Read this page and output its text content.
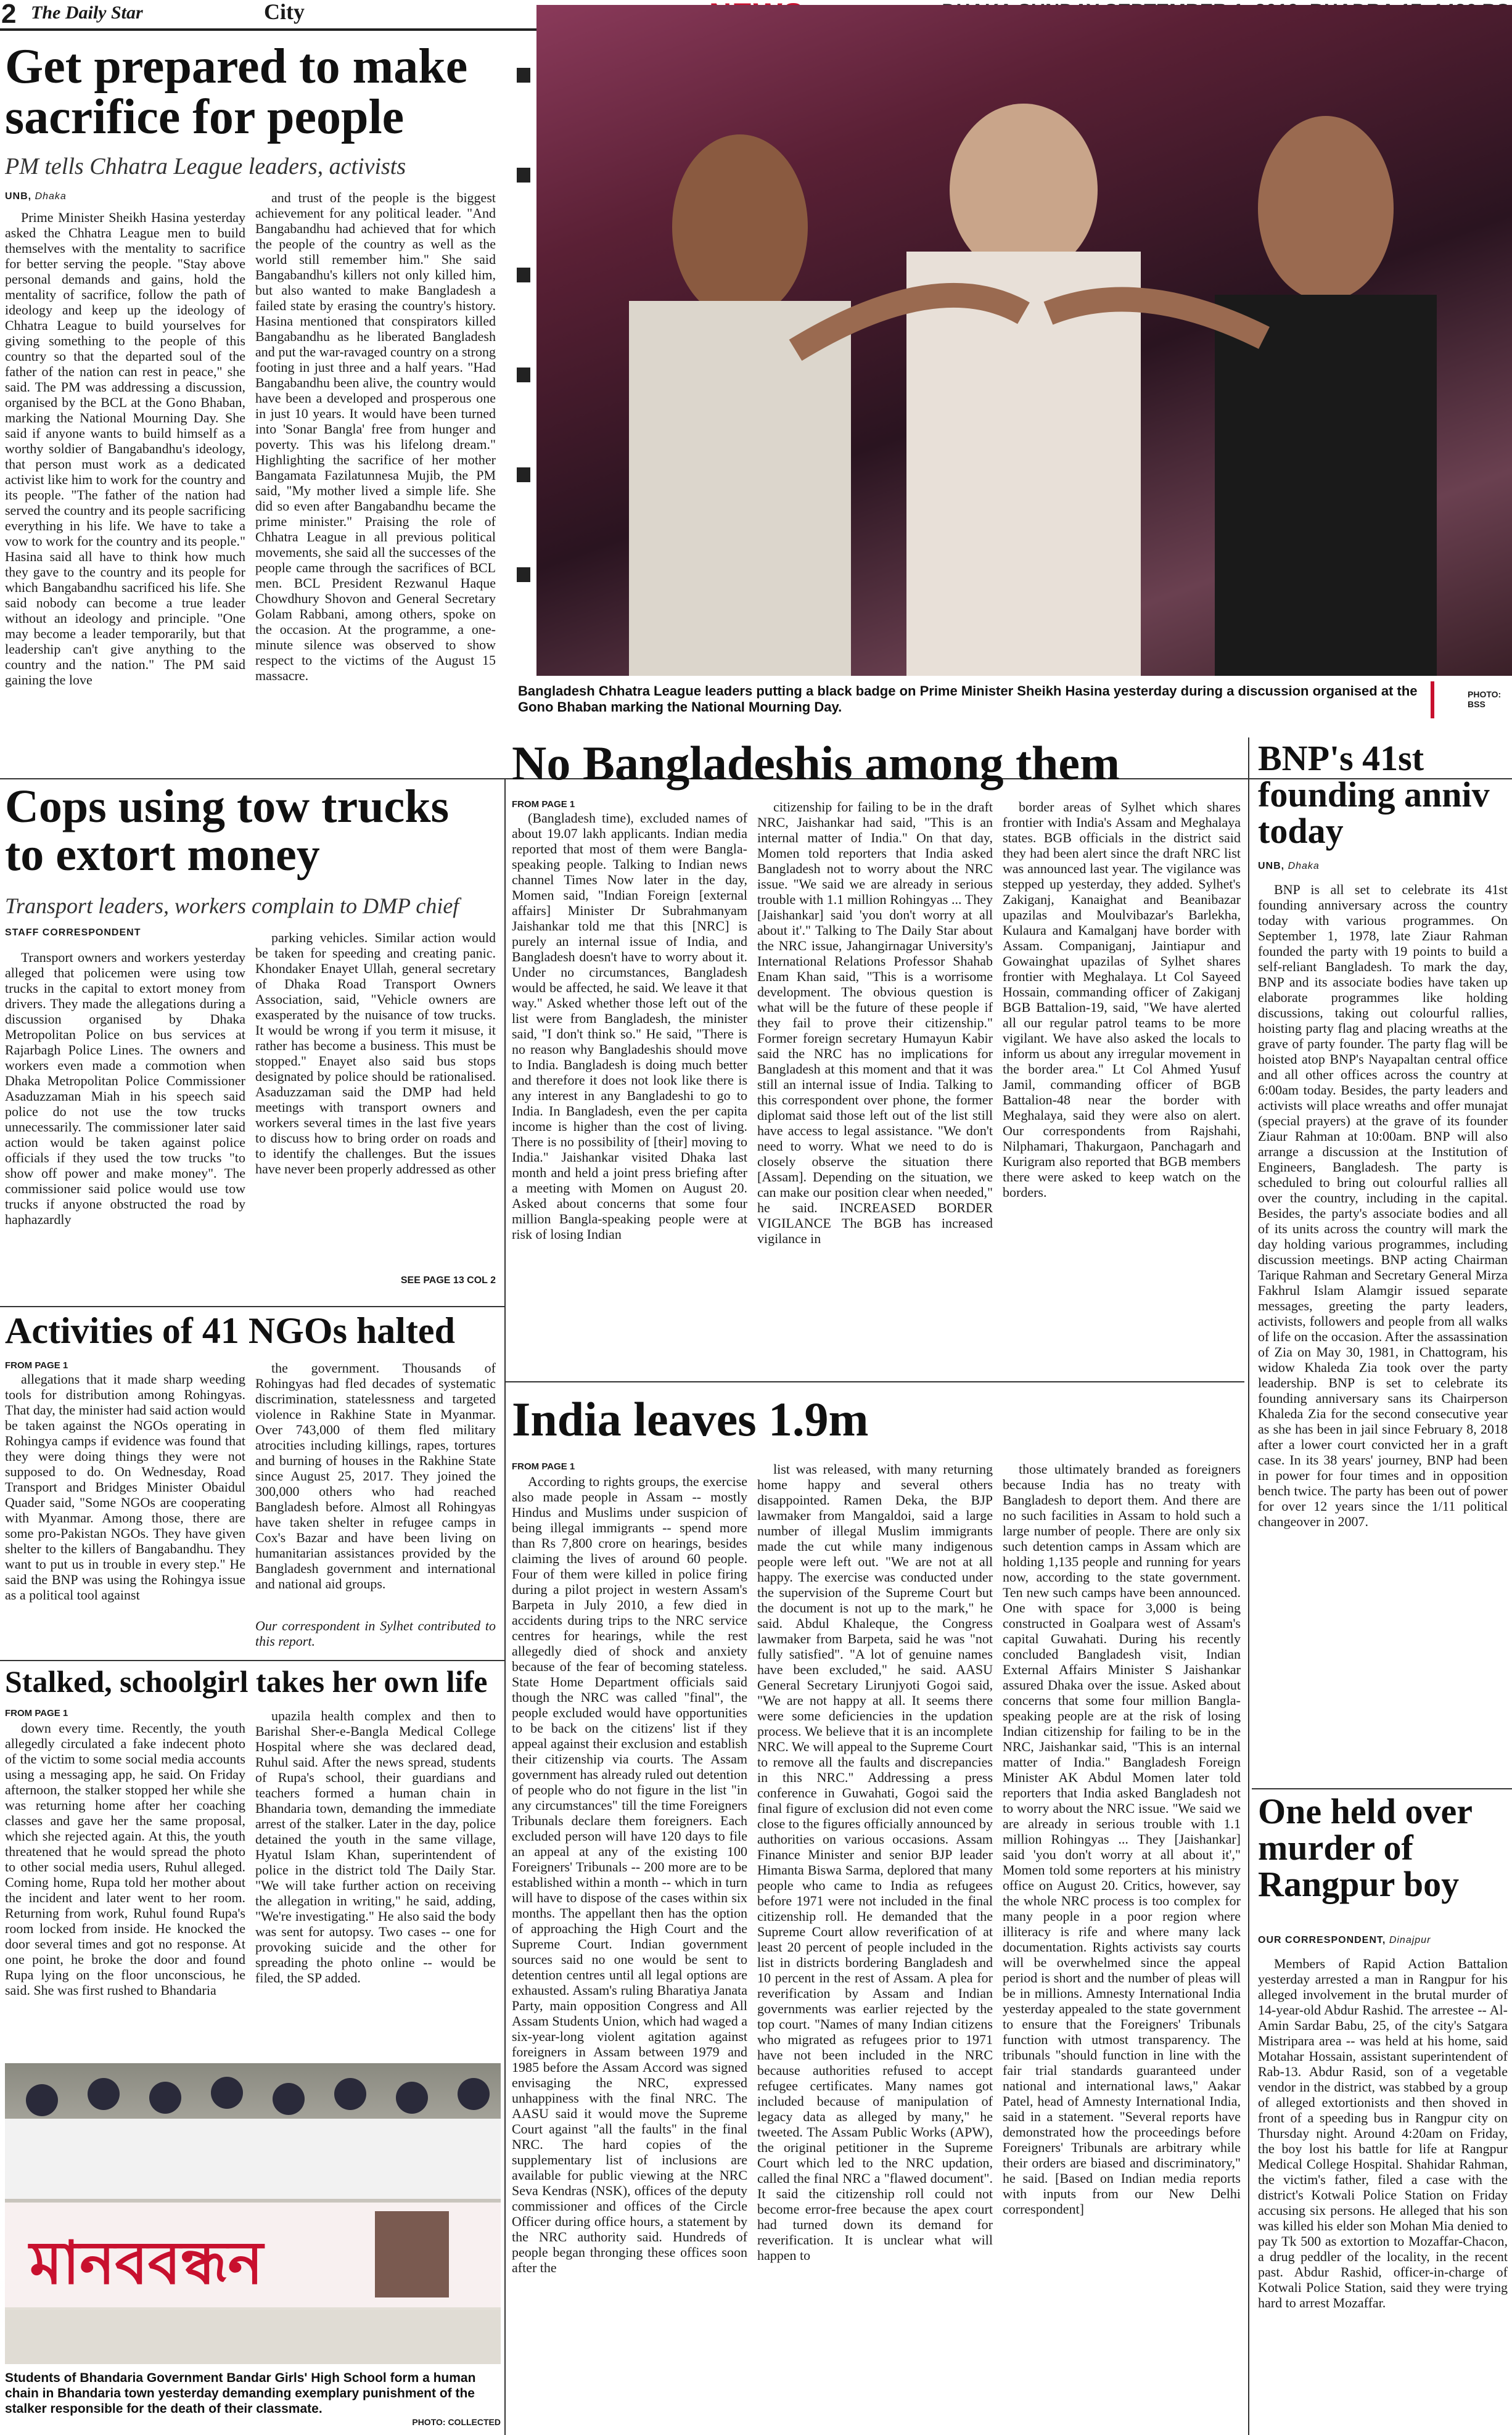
2 The Daily Star	City
Get prepared to make sacrifice for people
PM tells Chhatra League leaders, activists
UNB, Dhaka

Prime Minister Sheikh Hasina yesterday asked the Chhatra League men to build themselves with the mentality to sacrifice for better serving the people. "Stay above personal demands and gains, hold the mentality of sacrifice, follow the path of ideology and keep up the ideology of Chhatra League to build yourselves for giving something to the people of this country so that the departed soul of the father of the nation can rest in peace," she said. The PM was addressing a discussion, organised by the BCL at the Gono Bhaban, marking the National Mourning Day. She said if anyone wants to build himself as a worthy soldier of Bangabandhu's ideology, that person must work as a dedicated activist like him to work for the country and its people. "The father of the nation had served the country and its people sacrificing everything in his life. We have to take a vow to work for the country and its people." Hasina said all have to think how much they gave to the country and its people for which Bangabandhu sacrificed his life. She said nobody can become a true leader without an ideology and principle. "One may become a leader temporarily, but that leadership can't give anything to the country and the nation." The PM said gaining the love

and trust of the people is the biggest achievement for any political leader. "And Bangabandhu had achieved that for which the people of the country as well as the world still remember him." She said Bangabandhu's killers not only killed him, but also wanted to make Bangladesh a failed state by erasing the country's history. Hasina mentioned that conspirators killed Bangabandhu as he liberated Bangladesh and put the war-ravaged country on a strong footing in just three and a half years. "Had Bangabandhu been alive, the country would have been a developed and prosperous one in just 10 years. It would have been turned into 'Sonar Bangla' free from hunger and poverty. This was his lifelong dream." Highlighting the sacrifice of her mother Bangamata Fazilatunnesa Mujib, the PM said, "My mother lived a simple life. She did so even after Bangabandhu became the prime minister." Praising the role of Chhatra League in all previous political movements, she said all the successes of the people came through the sacrifices of BCL men. BCL President Rezwanul Haque Chowdhury Shovon and General Secretary Golam Rabbani, among others, spoke on the occasion. At the programme, a one-minute silence was observed to show respect to the victims of the August 15 massacre.

Bangladesh Chhatra League leaders putting a black badge on Prime Minister Sheikh Hasina yesterday during a discussion organised at the Gono Bhaban marking the National Mourning Day.
PHOTO: BSS
Cops using tow trucks to extort money
Transport leaders, workers complain to DMP chief
STAFF CORRESPONDENT

Transport owners and workers yesterday alleged that policemen were using tow trucks in the capital to extort money from drivers. They made the allegations during a discussion organised by Dhaka Metropolitan Police on bus services at Rajarbagh Police Lines. The owners and workers even made a commotion when Dhaka Metropolitan Police Commissioner Asaduzzaman Miah in his speech said police do not use the tow trucks unnecessarily. The commissioner later said action would be taken against police officials if they used the tow trucks "to show off power and make money". The commissioner said police would use tow trucks if anyone obstructed the road by haphazardly

parking vehicles. Similar action would be taken for speeding and creating panic. Khondaker Enayet Ullah, general secretary of Dhaka Road Transport Owners Association, said, "Vehicle owners are exasperated by the nuisance of tow trucks. It would be wrong if you term it misuse, it rather has become a business. This must be stopped." Enayet also said bus stops designated by police should be rationalised. Asaduzzaman said the DMP had held meetings with transport owners and workers several times in the last five years to discuss how to bring order on roads and to identify the challenges. But the issues have never been properly addressed as other

SEE PAGE 13 COL 2
Activities of 41 NGOs halted
FROM PAGE 1

allegations that it made sharp weeding tools for distribution among Rohingyas. That day, the minister had said action would be taken against the NGOs operating in Rohingya camps if evidence was found that they were doing things they were not supposed to do. On Wednesday, Road Transport and Bridges Minister Obaidul Quader said, "Some NGOs are cooperating with Myanmar. Among those, there are some pro-Pakistan NGOs. They have given shelter to the killers of Bangabandhu. They want to put us in trouble in every step." He said the BNP was using the Rohingya issue as a political tool against

the government. Thousands of Rohingyas had fled decades of systematic discrimination, statelessness and targeted violence in Rakhine State in Myanmar. Over 743,000 of them fled military atrocities including killings, rapes, tortures and burning of houses in the Rakhine State since August 25, 2017. They joined the 300,000 others who had reached Bangladesh before. Almost all Rohingyas have taken shelter in refugee camps in Cox's Bazar and have been living on humanitarian assistances provided by the Bangladesh government and international and national aid groups.

Our correspondent in Sylhet contributed to this report.
Stalked, schoolgirl takes her own life
FROM PAGE 1

down every time. Recently, the youth allegedly circulated a fake indecent photo of the victim to some social media accounts using a messaging app, he said. On Friday afternoon, the stalker stopped her while she was returning home after her coaching classes and gave her the same proposal, which she rejected again. At this, the youth threatened that he would spread the photo to other social media users, Ruhul alleged. Coming home, Rupa told her mother about the incident and later went to her room. Returning from work, Ruhul found Rupa's room locked from inside. He knocked the door several times and got no response. At one point, he broke the door and found Rupa lying on the floor unconscious, he said. She was first rushed to Bhandaria

upazila health complex and then to Barishal Sher-e-Bangla Medical College Hospital where she was declared dead, Ruhul said. After the news spread, students of Rupa's school, their guardians and teachers formed a human chain in Bhandaria town, demanding the immediate arrest of the stalker. Later in the day, police detained the youth in the same village, Hyatul Islam Khan, superintendent of police in the district told The Daily Star. "We will take further action on receiving the allegation in writing," he said, adding, "We're investigating." He also said the body was sent for autopsy. Two cases -- one for provoking suicide and the other for spreading the photo online -- would be filed, the SP added.

মানববন্ধন
Students of Bhandaria Government Bandar Girls' High School form a human chain in Bhandaria town yesterday demanding exemplary punishment of the stalker responsible for the death of their classmate.
PHOTO: COLLECTED
No Bangladeshis among them
FROM PAGE 1

(Bangladesh time), excluded names of about 19.07 lakh applicants. Indian media reported that most of them were Bangla-speaking people. Talking to Indian news channel Times Now later in the day, Momen said, "Indian Foreign [external affairs] Minister Dr Subrahmanyam Jaishankar told me that this [NRC] is purely an internal issue of India, and Bangladesh doesn't have to worry about it. Under no circumstances, Bangladesh would be affected, he said. We leave it that way." Asked whether those left out of the list were from Bangladesh, the minister said, "I don't think so." He said, "There is no reason why Bangladeshis should move to India. Bangladesh is doing much better and therefore it does not look like there is any interest in any Bangladeshi to go to India. In Bangladesh, even the per capita income is higher than the cost of living. There is no possibility of [their] moving to India." Jaishankar visited Dhaka last month and held a joint press briefing after a meeting with Momen on August 20. Asked about concerns that some four million Bangla-speaking people were at risk of losing Indian

citizenship for failing to be in the draft NRC, Jaishankar had said, "This is an internal matter of India." On that day, Momen told reporters that India asked Bangladesh not to worry about the NRC issue. "We said we are already in serious trouble with 1.1 million Rohingyas ... They [Jaishankar] said 'you don't worry at all about it'." Talking to The Daily Star about the NRC issue, Jahangirnagar University's International Relations Professor Shahab Enam Khan said, "This is a worrisome development. The obvious question is what will be the future of these people if they fail to prove their citizenship." Former foreign secretary Humayun Kabir said the NRC has no implications for Bangladesh at this moment and that it was still an internal issue of India. Talking to this correspondent over phone, the former diplomat said those left out of the list still have access to legal assistance. "We don't need to worry. What we need to do is closely observe the situation there [Assam]. Depending on the situation, we can make our position clear when needed," he said. INCREASED BORDER VIGILANCE The BGB has increased vigilance in

border areas of Sylhet which shares frontier with India's Assam and Meghalaya states. BGB officials in the district said they had been alert since the draft NRC list was announced last year. The vigilance was stepped up yesterday, they added. Sylhet's Zakiganj, Kanaighat and Beanibazar upazilas and Moulvibazar's Barlekha, Kulaura and Kamalganj have border with Assam. Companiganj, Jaintiapur and Gowainghat upazilas of Sylhet shares frontier with Meghalaya. Lt Col Sayeed Hossain, commanding officer of Zakiganj BGB Battalion-19, said, "We have alerted all our regular patrol teams to be more vigilant. We have also asked the locals to inform us about any irregular movement in the border area." Lt Col Ahmed Yusuf Jamil, commanding officer of BGB Battalion-48 near the border with Meghalaya, said they were also on alert. Our correspondents from Rajshahi, Nilphamari, Thakurgaon, Panchagarh and Kurigram also reported that BGB members there were asked to keep watch on the borders.

India leaves 1.9m
FROM PAGE 1

According to rights groups, the exercise also made people in Assam -- mostly Hindus and Muslims under suspicion of being illegal immigrants -- spend more than Rs 7,800 crore on hearings, besides claiming the lives of around 60 people. Four of them were killed in police firing during a pilot project in western Assam's Barpeta in July 2010, a few died in accidents during trips to the NRC service centres for hearings, while the rest allegedly died of shock and anxiety because of the fear of becoming stateless. State Home Department officials said though the NRC was called "final", the people excluded would have opportunities to be back on the citizens' list if they appeal against their exclusion and establish their citizenship via courts. The Assam government has already ruled out detention of people who do not figure in the list "in any circumstances" till the time Foreigners Tribunals declare them foreigners. Each excluded person will have 120 days to file an appeal at any of the existing 100 Foreigners' Tribunals -- 200 more are to be established within a month -- which in turn will have to dispose of the cases within six months. The appellant then has the option of approaching the High Court and the Supreme Court. Indian government sources said no one would be sent to detention centres until all legal options are exhausted. Assam's ruling Bharatiya Janata Party, main opposition Congress and All Assam Students Union, which had waged a six-year-long violent agitation against foreigners in Assam between 1979 and 1985 before the Assam Accord was signed envisaging the NRC, expressed unhappiness with the final NRC. The AASU said it would move the Supreme Court against "all the faults" in the final NRC. The hard copies of the supplementary list of inclusions are available for public viewing at the NRC Seva Kendras (NSK), offices of the deputy commissioner and offices of the Circle Officer during office hours, a statement by the NRC authority said. Hundreds of people began thronging these offices soon after the

list was released, with many returning home happy and several others disappointed. Ramen Deka, the BJP lawmaker from Mangaldoi, said a large number of illegal Muslim immigrants made the cut while many indigenous people were left out. "We are not at all happy. The exercise was conducted under the supervision of the Supreme Court but the document is not up to the mark," he said. Abdul Khaleque, the Congress lawmaker from Barpeta, said he was "not fully satisfied". "A lot of genuine names have been excluded," he said. AASU General Secretary Lirunjyoti Gogoi said, "We are not happy at all. It seems there were some deficiencies in the updation process. We believe that it is an incomplete NRC. We will appeal to the Supreme Court to remove all the faults and discrepancies in this NRC." Addressing a press conference in Guwahati, Gogoi said the final figure of exclusion did not even come close to the figures officially announced by authorities on various occasions. Assam Finance Minister and senior BJP leader Himanta Biswa Sarma, deplored that many people who came to India as refugees before 1971 were not included in the final citizenship roll. He demanded that the Supreme Court allow reverification of at least 20 percent of people included in the list in districts bordering Bangladesh and 10 percent in the rest of Assam. A plea for reverification by Assam and Indian governments was earlier rejected by the top court. "Names of many Indian citizens who migrated as refugees prior to 1971 have not been included in the NRC because authorities refused to accept refugee certificates. Many names got included because of manipulation of legacy data as alleged by many," he tweeted. The Assam Public Works (APW), the original petitioner in the Supreme Court which led to the NRC updation, called the final NRC a "flawed document". It said the citizenship roll could not become error-free because the apex court had turned down its demand for reverification. It is unclear what will happen to

those ultimately branded as foreigners because India has no treaty with Bangladesh to deport them. And there are no such facilities in Assam to hold such a large number of people. There are only six such detention camps in Assam which are holding 1,135 people and running for years now, according to the state government. Ten new such camps have been announced. One with space for 3,000 is being constructed in Goalpara west of Assam's capital Guwahati. During his recently concluded Bangladesh visit, Indian External Affairs Minister S Jaishankar assured Dhaka over the issue. Asked about concerns that some four million Bangla-speaking people are at the risk of losing Indian citizenship for failing to be in the NRC, Jaishankar said, "This is an internal matter of India." Bangladesh Foreign Minister AK Abdul Momen later told reporters that India asked Bangladesh not to worry about the NRC issue. "We said we are already in serious trouble with 1.1 million Rohingyas ... They [Jaishankar] said 'you don't worry at all about it'," Momen told some reporters at his ministry office on August 20. Critics, however, say the whole NRC process is too complex for many people in a poor region where illiteracy is rife and where many lack documentation. Rights activists say courts will be overwhelmed since the appeal period is short and the number of pleas will be in millions. Amnesty International India yesterday appealed to the state government to ensure that the Foreigners' Tribunals function with utmost transparency. The tribunals "should function in line with the fair trial standards guaranteed under national and international laws," Aakar Patel, head of Amnesty International India, said in a statement. "Several reports have demonstrated how the proceedings before Foreigners' Tribunals are arbitrary while their orders are biased and discriminatory," he said. [Based on Indian media reports with inputs from our New Delhi correspondent]

BNP's 41st founding anniv today
UNB, Dhaka

BNP is all set to celebrate its 41st founding anniversary across the country today with various programmes. On September 1, 1978, late Ziaur Rahman founded the party with 19 points to build a self-reliant Bangladesh. To mark the day, BNP and its associate bodies have taken up elaborate programmes like holding discussions, taking out colourful rallies, hoisting party flag and placing wreaths at the grave of party founder. The party flag will be hoisted atop BNP's Nayapaltan central office and all other offices across the country at 6:00am today. Besides, the party leaders and activists will place wreaths and offer munajat (special prayers) at the grave of its founder Ziaur Rahman at 10:00am. BNP will also arrange a discussion at the Institution of Engineers, Bangladesh. The party is scheduled to bring out colourful rallies all over the country, including in the capital. Besides, the party's associate bodies and all of its units across the country will mark the day holding various programmes, including discussion meetings. BNP acting Chairman Tarique Rahman and Secretary General Mirza Fakhrul Islam Alamgir issued separate messages, greeting the party leaders, activists, followers and people from all walks of life on the occasion. After the assassination of Zia on May 30, 1981, in Chattogram, his widow Khaleda Zia took over the party leadership. BNP is set to celebrate its founding anniversary sans its Chairperson Khaleda Zia for the second consecutive year as she has been in jail since February 8, 2018 after a lower court convicted her in a graft case. In its 38 years' journey, BNP had been in power for four times and in opposition bench twice. The party has been out of power for over 12 years since the 1/11 political changeover in 2007.

One held over murder of Rangpur boy
OUR CORRESPONDENT, Dinajpur

Members of Rapid Action Battalion yesterday arrested a man in Rangpur for his alleged involvement in the brutal murder of 14-year-old Abdur Rashid. The arrestee -- Al-Amin Sardar Babu, 25, of the city's Satgara Mistripara area -- was held at his home, said Motahar Hossain, assistant superintendent of Rab-13. Abdur Rasid, son of a vegetable vendor in the district, was stabbed by a group of alleged extortionists and then shoved in front of a speeding bus in Rangpur city on Thursday night. Around 4:20am on Friday, the boy lost his battle for life at Rangpur Medical College Hospital. Shahidar Rahman, the victim's father, filed a case with the district's Kotwali Police Station on Friday accusing six persons. He alleged that his son was killed his elder son Mohan Mia denied to pay Tk 500 as extortion to Mozaffar-Chacon, a drug peddler of the locality, in the recent past. Abdur Rashid, officer-in-charge of Kotwali Police Station, said they were trying hard to arrest Mozaffar.
